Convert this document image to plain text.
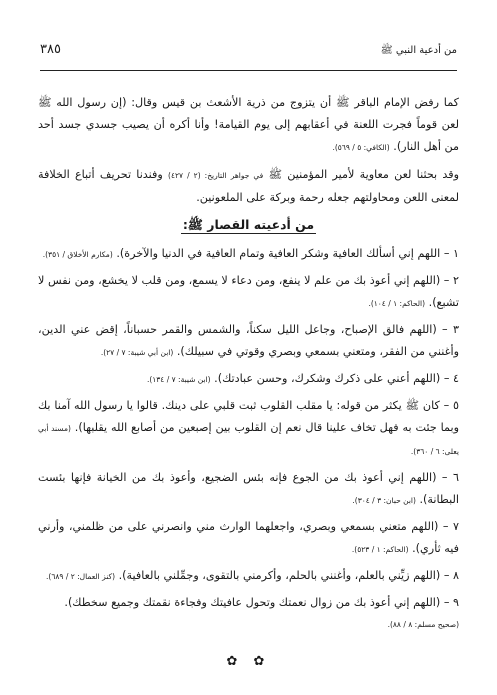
من أدعية النبي ﷺ
٣٨٥

كما رفض الإمام الباقر ﷺ أن يتزوج من ذرية الأشعث بن قيس وقال: (إن رسول الله ﷺ لعن قوماً فجرت اللعنة في أعقابهم إلى يوم القيامة! وأنا أكره أن يصيب جسدي جسد أحد من أهل النار). (الكافي: ٥ / ٥٦٩).

وقد بحثنا لعن معاوية لأمير المؤمنين ﷺ في جواهر التاريخ: (٢ / ٤٢٧) وفندنا تحريف أتباع الخلافة لمعنى اللعن ومحاولتهم جعله رحمة وبركة على الملعونين.

من أدعيته القصار ﷺ:

١ – اللهم إني أسألك العافية وشكر العافية وتمام العافية في الدنيا والآخرة). (مكارم الأخلاق / ٣٥١).

٢ – (اللهم إني أعوذ بك من علم لا ينفع، ومن دعاء لا يسمع، ومن قلب لا يخشع، ومن نفس لا تشبع). (الحاكم: ١ / ١٠٤).

٣ – (اللهم فالق الإصباح، وجاعل الليل سكناً، والشمس والقمر حسباناً، إقض عني الدين، وأغنني من الفقر، ومتعني بسمعي وبصري وقوتي في سبيلك). (ابن أبي شيبة: ٧ / ٢٧).

٤ – (اللهم أعني على ذكرك وشكرك، وحسن عبادتك). (ابن شيبة: ٧ / ١٣٤).

٥ – كان ﷺ يكثر من قوله: يا مقلب القلوب ثبت قلبي على دينك. قالوا يا رسول الله آمنا بك وبما جئت به فهل تخاف علينا قال نعم إن القلوب بين إصبعين من أصابع الله يقلبها). (مسند أبي يعلى: ٦ / ٣٦٠).

٦ – (اللهم إني أعوذ بك من الجوع فإنه بئس الضجيع، وأعوذ بك من الخيانة فإنها بئست البطانة). (ابن حبان: ٣ / ٣٠٤).

٧ – (اللهم متعني بسمعي وبصري، واجعلهما الوارث مني وانصرني على من ظلمني، وأرني فيه ثأري). (الحاكم: ١ / ٥٢٣).

٨ – (اللهم زيِّني بالعلم، وأغنني بالحلم، وأكرمني بالتقوى، وجمِّلني بالعافية). (كنز العمال: ٢ / ٦٨٩).

٩ – (اللهم إني أعوذ بك من زوال نعمتك وتحول عافيتك وفجاءة نقمتك وجميع سخطك).

(صحيح مسلم: ٨ / ٨٨).

✿ ✿
